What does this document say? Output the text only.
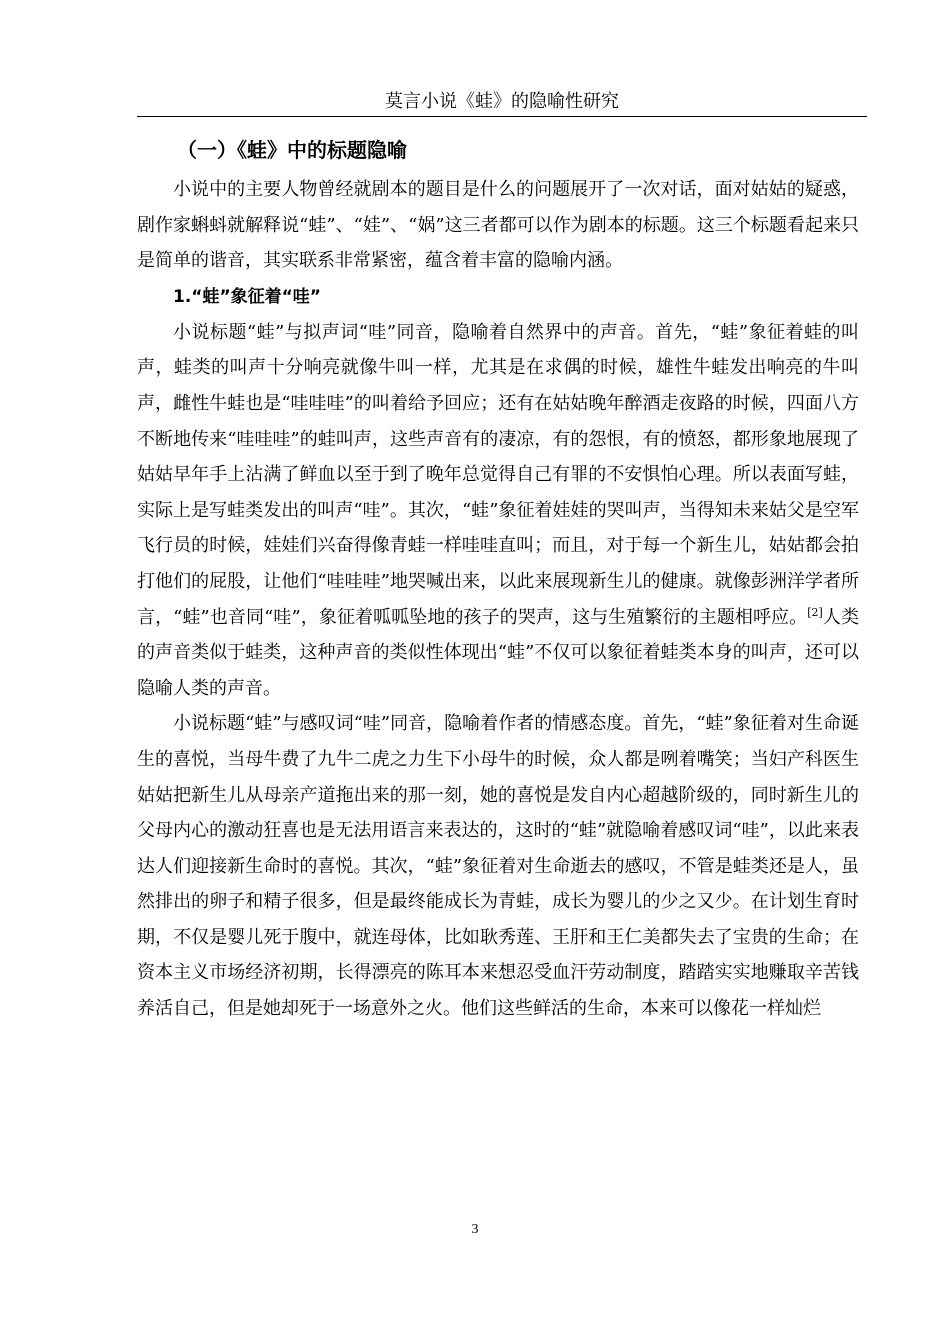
莫言小说《蛙》的隐喻性研究
（一）《蛙》中的标题隐喻

小说中的主要人物曾经就剧本的题目是什么的问题展开了一次对话，面对姑姑的疑惑，剧作家蝌蚪就解释说“蛙”、“娃”、“娲”这三者都可以作为剧本的标题。这三个标题看起来只是简单的谐音，其实联系非常紧密，蕴含着丰富的隐喻内涵。

1.“蛙”象征着“哇”

小说标题“蛙”与拟声词“哇”同音，隐喻着自然界中的声音。首先，“蛙”象征着蛙的叫声，蛙类的叫声十分响亮就像牛叫一样，尤其是在求偶的时候，雄性牛蛙发出响亮的牛叫声，雌性牛蛙也是“哇哇哇”的叫着给予回应；还有在姑姑晚年醉酒走夜路的时候，四面八方不断地传来“哇哇哇”的蛙叫声，这些声音有的凄凉，有的怨恨，有的愤怒，都形象地展现了姑姑早年手上沾满了鲜血以至于到了晚年总觉得自己有罪的不安惧怕心理。所以表面写蛙，实际上是写蛙类发出的叫声“哇”。其次，“蛙”象征着娃娃的哭叫声，当得知未来姑父是空军飞行员的时候，娃娃们兴奋得像青蛙一样哇哇直叫；而且，对于每一个新生儿，姑姑都会拍打他们的屁股，让他们“哇哇哇”地哭喊出来，以此来展现新生儿的健康。就像彭洲洋学者所言，“蛙”也音同“哇”，象征着呱呱坠地的孩子的哭声，这与生殖繁衍的主题相呼应。[2]人类的声音类似于蛙类，这种声音的类似性体现出“蛙”不仅可以象征着蛙类本身的叫声，还可以隐喻人类的声音。

小说标题“蛙”与感叹词“哇”同音，隐喻着作者的情感态度。首先，“蛙”象征着对生命诞生的喜悦，当母牛费了九牛二虎之力生下小母牛的时候，众人都是咧着嘴笑；当妇产科医生姑姑把新生儿从母亲产道拖出来的那一刻，她的喜悦是发自内心超越阶级的，同时新生儿的父母内心的激动狂喜也是无法用语言来表达的，这时的“蛙”就隐喻着感叹词“哇”，以此来表达人们迎接新生命时的喜悦。其次，“蛙”象征着对生命逝去的感叹，不管是蛙类还是人，虽然排出的卵子和精子很多，但是最终能成长为青蛙，成长为婴儿的少之又少。在计划生育时期，不仅是婴儿死于腹中，就连母体，比如耿秀莲、王肝和王仁美都失去了宝贵的生命；在资本主义市场经济初期，长得漂亮的陈耳本来想忍受血汗劳动制度，踏踏实实地赚取辛苦钱养活自己，但是她却死于一场意外之火。他们这些鲜活的生命，本来可以像花一样灿烂

3
